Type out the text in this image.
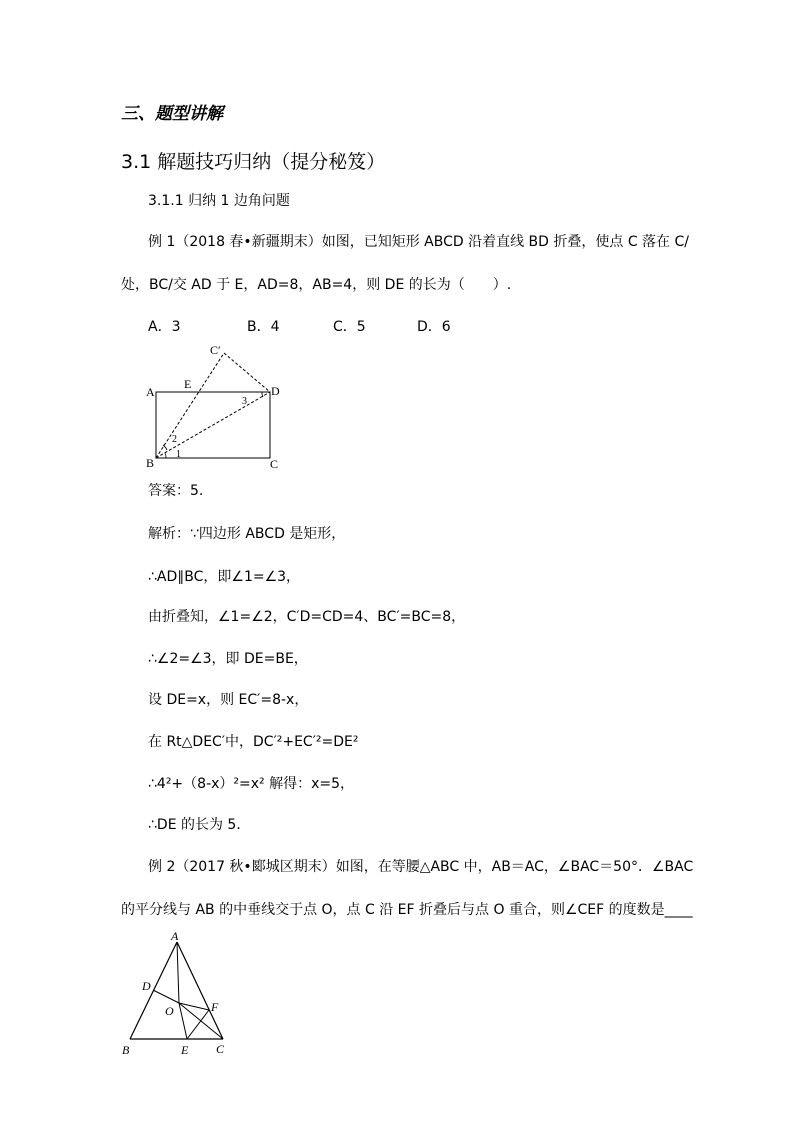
三、题型讲解
3.1 解题技巧归纳（提分秘笈）
3.1.1 归纳 1 边角问题
例 1（2018 春•新疆期末）如图，已知矩形 ABCD 沿着直线 BD 折叠，使点 C 落在 C/
处，BC/交 AD 于 E，AD=8，AB=4，则 DE 的长为（　　）.
A．3	B．4	C．5	D．6
A
B	C
D
E
C′
1
2
3
答案：5.
解析：∵四边形 ABCD 是矩形，
∴AD∥BC，即∠1=∠3，
由折叠知，∠1=∠2，C′D=CD=4、BC′=BC=8，
∴∠2=∠3，即 DE=BE，
设 DE=x，则 EC′=8-x，
在 Rt△DEC′中，DC′²+EC′²=DE²
∴4²+（8-x）²=x² 解得：x=5，
∴DE 的长为 5．
例 2（2017 秋•郾城区期末）如图，在等腰△ABC 中，AB＝AC，∠BAC＝50°．∠BAC
的平分线与 AB 的中垂线交于点 O，点 C 沿 EF 折叠后与点 O 重合，则∠CEF 的度数是____
A
B	C
D
E
F
O
